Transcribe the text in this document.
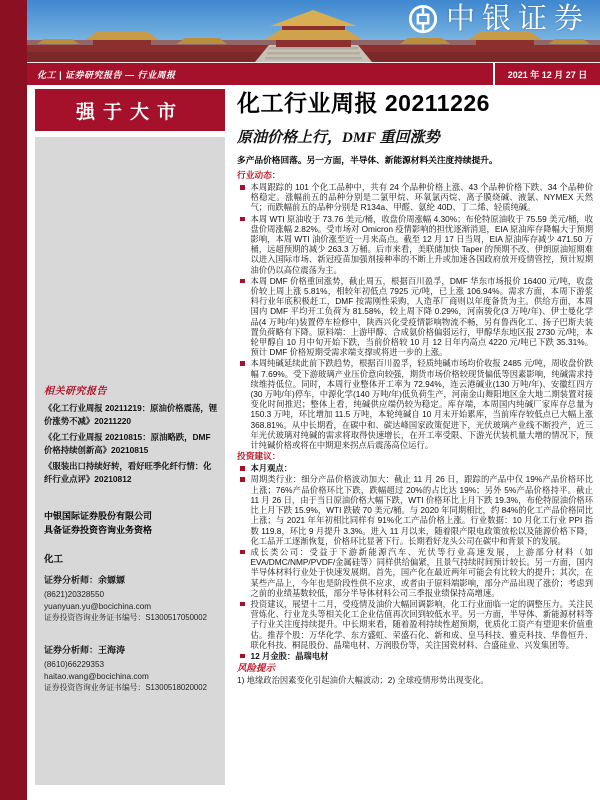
中银证券
化工 | 证券研究报告 — 行业周报	2021 年 12 月 27 日
强于大市
相关研究报告
《化工行业周报 20211219：原油价格震荡，锂价涨势不减》20211220
《化工行业周报 20210815：原油略跌，DMF 价格持续创新高》20210815
《服装出口持续好转，看好旺季化纤行情：化纤行业点评》20210812
中银国际证券股份有限公司
具备证券投资咨询业务资格
化工
证券分析师：余嫄嫄
(8621)20328550
yuanyuan.yu@bocichina.com
证券投资咨询业务证书编号：S1300517050002
证券分析师：王海涛
(8610)66229353
haitao.wang@bocichina.com
证券投资咨询业务证书编号：S1300518020002
化工行业周报 20211226
原油价格上行，DMF 重回涨势
多产品价格回落。另一方面，半导体、新能源材料关注度持续提升。
行业动态：
本周跟踪的 101 个化工品种中，共有 24 个品种价格上涨、43 个品种价格下跌、34 个品种价格稳定。涨幅前五的品种分别是二氯甲烷、环氧氯丙烷、离子膜烧碱、液氯、NYMEX 天然气；而跌幅前五的品种分别是 R134a、甲醛、氨纶 40D、丁二烯、轻质纯碱。
本周 WTI 原油收于 73.76 美元/桶，收盘价周涨幅 4.30%；布伦特原油收于 75.59 美元/桶，收盘价周涨幅 2.82%。受市场对 Omicron 疫情影响的担忧逐渐消退，EIA 原油库存降幅大于预期影响，本周 WTI 油价涨至近一月来高点。截至 12 月 17 日当周，EIA 原油库存减少 471.50 万桶，远超预期的减少 263.3 万桶。后市来看，美联储加快 Taper 的预期不改、伊朗原油短期难以进入国际市场、新冠疫苗加强剂接种率的不断上升或加速各国政府放开疫情管控，预计短期油价仍以高位震荡为主。
本周 DMF 价格重回涨势，截止周五，根据百川盈孚，DMF 华东市场报价 16400 元/吨，收盘价较上周上涨 5.81%，相较年初低点 7925 元/吨，已上涨 106.94%。需求方面，本周下游浆料行业年底积极赶工，DMF 按需刚性采购，人造革厂商则以年度备货为主。供给方面，本周国内 DMF 平均开工负荷为 81.58%，较上周下降 0.29%，河南骏化(3 万吨/年)、伊士曼化学品(4 万吨/年)装置停车检修中，陕西兴化受疫情影响物流不畅，另有鲁西化工、扬子巴斯夫装置负荷略有下降。原料端：上游甲醇、合成氨价格偏弱运行，甲醇华东地区报 2730 元/吨，本轮甲醇自 10 月中旬开始下跌，当前价格较 10 月 12 日年内高点 4220 元/吨已下跌 35.31%。预计 DMF 价格短期受需求端支撑或将进一步的上涨。
本周纯碱延续此前下跌趋势，根据百川盈孚，轻质纯碱市场均价收报 2485 元/吨，周收盘价跌幅 7.69%。受下游玻璃产业压价意向较强，期货市场价格较现货偏低等因素影响，纯碱需求持续维持低位。同时，本周行业整体开工率为 72.94%，连云港碱业(130 万吨/年)、安徽红四方(30 万吨/年)停车，中源化学(140 万吨/年)低负荷生产，河南金山舞阳地区金大地二期装置对接变化时间推迟；整体上看，纯碱供应端仍较为稳定。库存端，本周国内纯碱厂家库存总量为 150.3 万吨，环比增加 11.5 万吨，本轮纯碱自 10 月末开始累库，当前库存较低点已大幅上涨 368.81%。从中长期看，在碳中和、碳达峰国家政策促进下，光伏玻璃产业线不断投产，近三年光伏玻璃对纯碱的需求将取得快速增长，在开工率受限、下游光伏装机量大增的情况下，预计纯碱价格或将在中期迎来拐点后震荡高位运行。
投资建议：
本月观点：
周期类行业：细分产品价格波动加大：截止 11 月 26 日，跟踪的产品中仅 19%产品价格环比上涨；76%产品价格环比下跌，跌幅超过 20%的占比达 19%；另外 5%产品价格持平。截止 11 月 26 日，由于当日原油价格大幅下跌，WTI 价格环比上月下跌 19.3%，布伦特原油价格环比上月下跌 15.9%，WTI 跌破 70 美元/桶。与 2020 年同期相比，约 84%的化工产品价格同比上涨；与 2021 年年初相比同样有 91%化工产品价格上涨。行业数据：10 月化工行业 PPI 指数 119.8，环比 9 月提升 3.3%。进入 11 月以来，随着限产限电政策放松以及能源价格下降，化工品开工逐渐恢复，价格环比显著下行。长期看好龙头公司在碳中和背景下的发展。
成长类公司：受益于下游新能源汽车、光伏等行业高速发展，上游部分材料（如 EVA/DMC/NMP/PVDF/金属硅等）同样供给偏紧，且景气持续时间预计较长。另一方面，国内半导体材料行业处于快速发展期。首先，国产化在最近两年可能会有比较大的提升；其次，在某些产品上，今年也是阶段性供不应求，或者由于原料端影响，部分产品出现了涨价；考虑到之前的业绩基数较低，部分半导体材料公司三季报业绩保持高增速。
投资建议，展望十二月，受疫情及油价大幅回调影响，化工行业面临一定的调整压力。关注民营炼化、行业龙头等相关化工企业估值再次回到较低水平。另一方面，半导体、新能源材料等子行业关注度持续提升。中长期来看，随着盈利持续性超预期，优质化工资产有望迎来价值重估。推荐个股：万华化学、东方盛虹、荣盛石化、新和成、皇马科技、雅克科技、华鲁恒升、联化科技、桐昆股份、晶瑞电材、万润股份等，关注国瓷材料、合盛硅业、兴发集团等。
12 月金股：晶瑞电材
风险提示
1) 地缘政治因素变化引起油价大幅波动；2) 全球疫情形势出现变化。
